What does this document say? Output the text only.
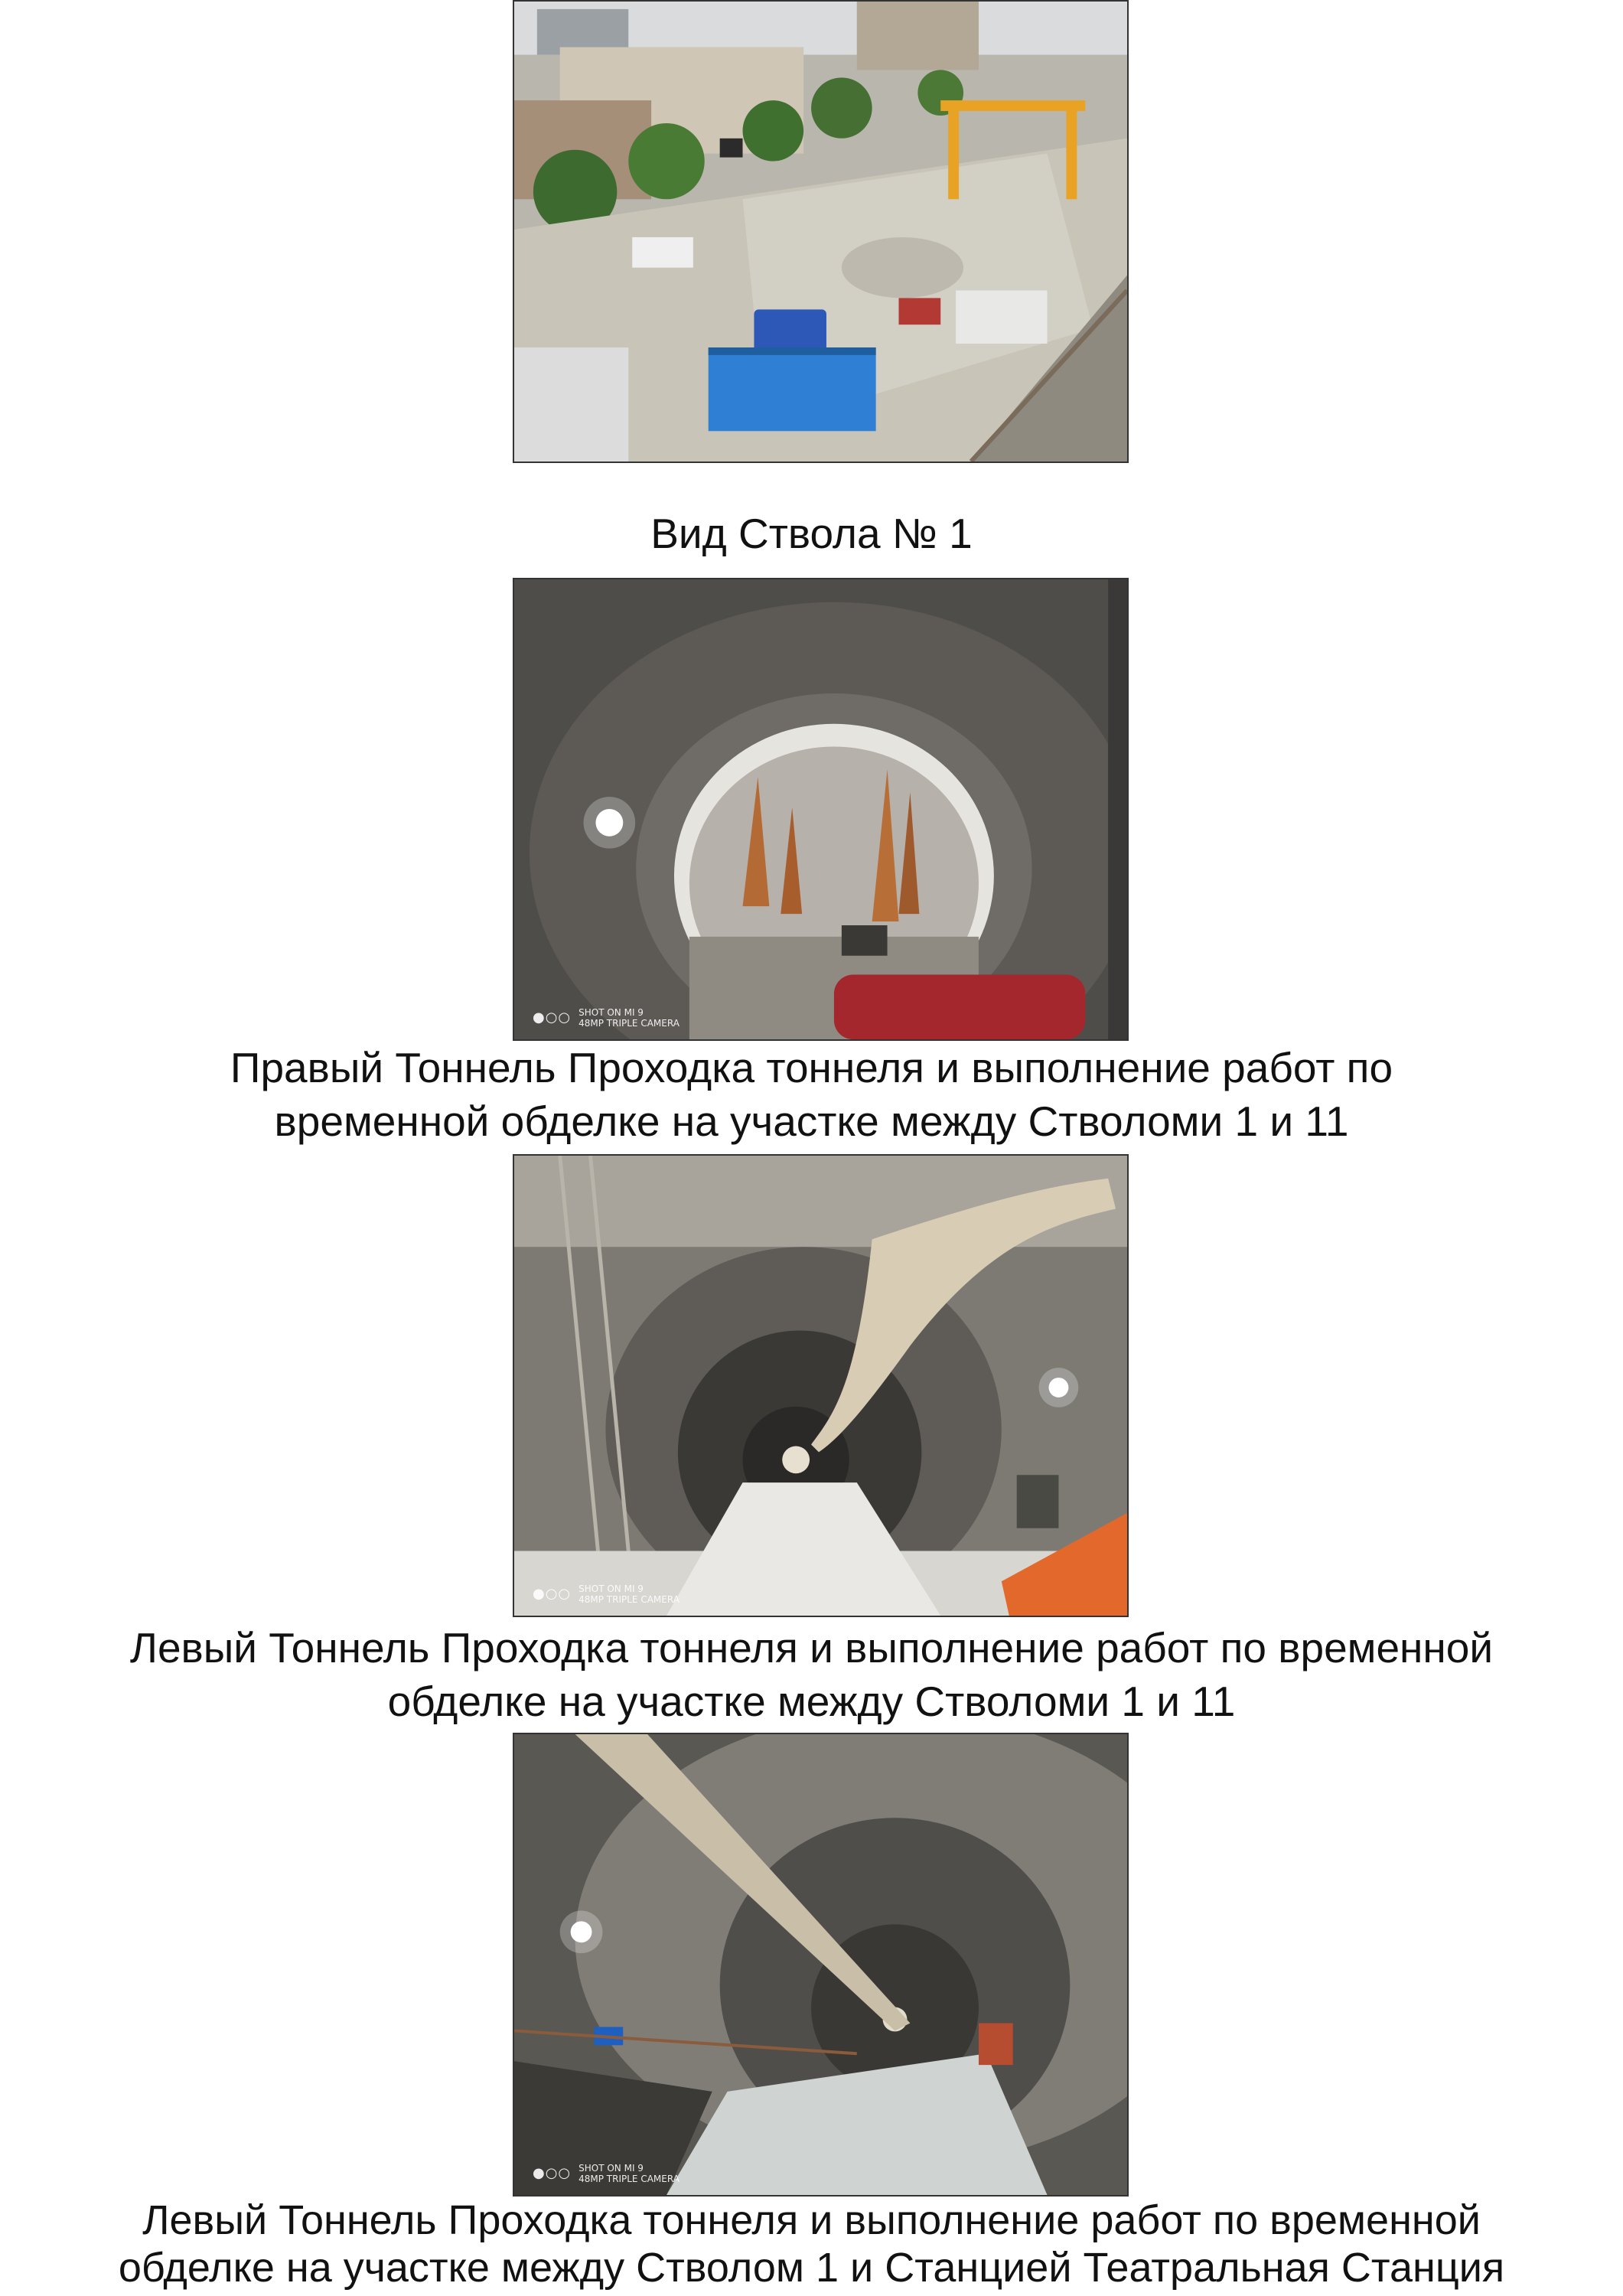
Вид Ствола № 1
●○○ SHOT ON MI 9
48MP TRIPLE CAMERA
Правый Тоннель Проходка тоннеля и выполнение работ по
временной обделке на участке между Стволоми 1 и 11
●○○ SHOT ON MI 9
48MP TRIPLE CAMERA
Левый Тоннель Проходка тоннеля и выполнение работ по временной
обделке на участке между Стволоми 1 и 11
●○○ SHOT ON MI 9
48MP TRIPLE CAMERA
Левый Тоннель Проходка тоннеля и выполнение работ по временной
обделке на участке между Стволом 1 и Станцией Театральная Станция
